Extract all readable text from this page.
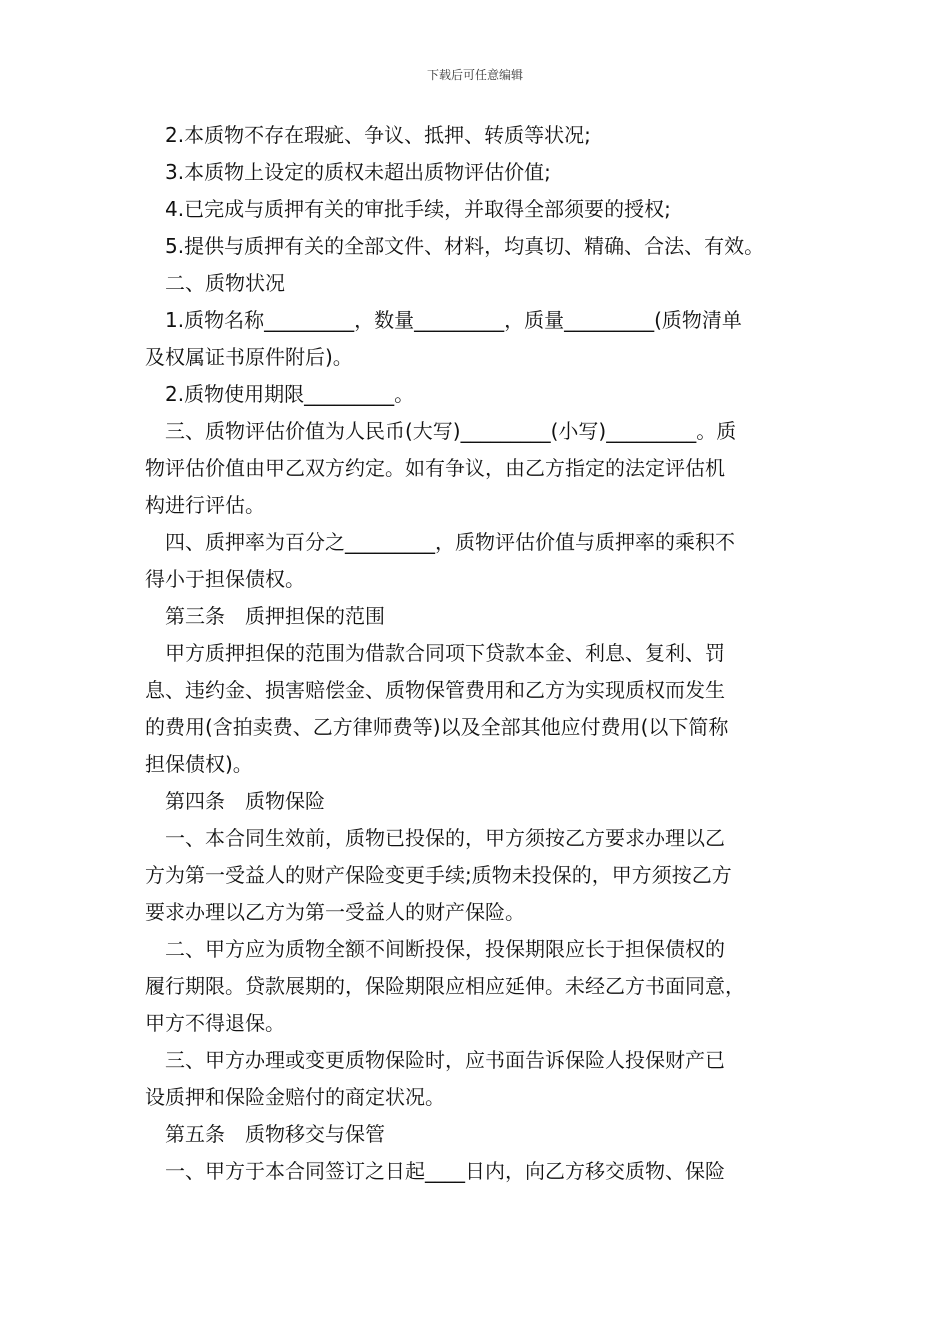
下载后可任意编辑

2.本质物不存在瑕疵、争议、抵押、转质等状况;

3.本质物上设定的质权未超出质物评估价值;

4.已完成与质押有关的审批手续，并取得全部须要的授权;

5.提供与质押有关的全部文件、材料，均真切、精确、合法、有效。

二、质物状况

1.质物名称_________，数量_________，质量_________(质物清单
及权属证书原件附后)。

2.质物使用期限_________。

三、质物评估价值为人民币(大写)_________(小写)_________。质
物评估价值由甲乙双方约定。如有争议，由乙方指定的法定评估机
构进行评估。

四、质押率为百分之_________，质物评估价值与质押率的乘积不
得小于担保债权。

第三条　质押担保的范围

甲方质押担保的范围为借款合同项下贷款本金、利息、复利、罚
息、违约金、损害赔偿金、质物保管费用和乙方为实现质权而发生
的费用(含拍卖费、乙方律师费等)以及全部其他应付费用(以下简称
担保债权)。

第四条　质物保险

一、本合同生效前，质物已投保的，甲方须按乙方要求办理以乙
方为第一受益人的财产保险变更手续;质物未投保的，甲方须按乙方
要求办理以乙方为第一受益人的财产保险。

二、甲方应为质物全额不间断投保，投保期限应长于担保债权的
履行期限。贷款展期的，保险期限应相应延伸。未经乙方书面同意，
甲方不得退保。

三、甲方办理或变更质物保险时，应书面告诉保险人投保财产已
设质押和保险金赔付的商定状况。

第五条　质物移交与保管

一、甲方于本合同签订之日起____日内，向乙方移交质物、保险
